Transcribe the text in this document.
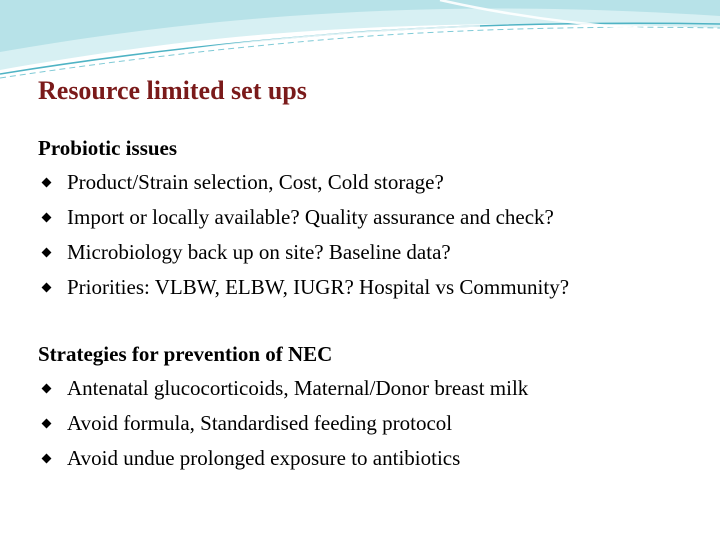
Resource limited set ups
Probiotic issues
Product/Strain selection, Cost, Cold storage?
Import or locally available? Quality assurance and check?
Microbiology back up on site? Baseline data?
Priorities: VLBW, ELBW, IUGR? Hospital vs Community?
Strategies for prevention of NEC
Antenatal glucocorticoids, Maternal/Donor breast milk
Avoid formula, Standardised feeding protocol
Avoid undue prolonged exposure to antibiotics
